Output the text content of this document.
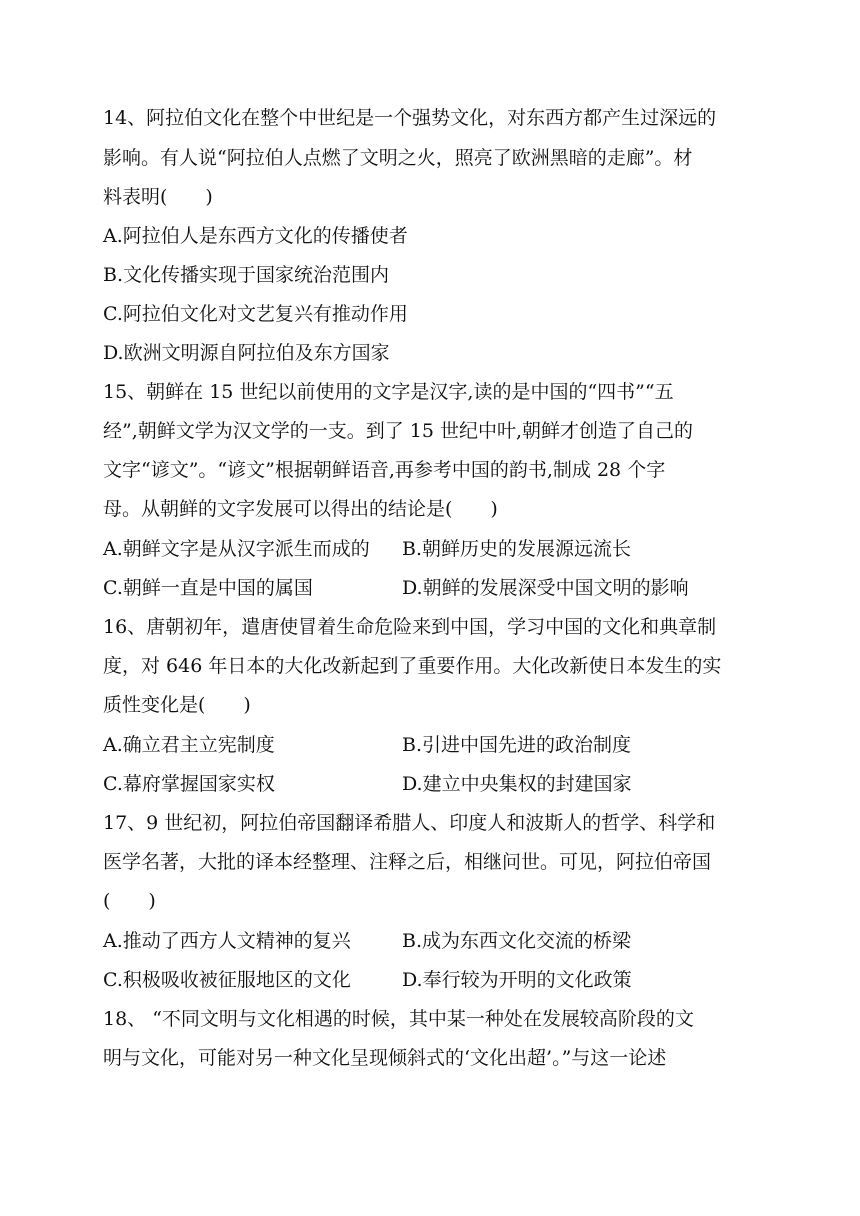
14、阿拉伯文化在整个中世纪是一个强势文化，对东西方都产生过深远的
影响。有人说“阿拉伯人点燃了文明之火，照亮了欧洲黑暗的走廊”。材
料表明(　　)
A.阿拉伯人是东西方文化的传播使者
B.文化传播实现于国家统治范围内
C.阿拉伯文化对文艺复兴有推动作用
D.欧洲文明源自阿拉伯及东方国家
15、朝鲜在 15 世纪以前使用的文字是汉字,读的是中国的“四书”“五
经”,朝鲜文学为汉文学的一支。到了 15 世纪中叶,朝鲜才创造了自己的
文字“谚文”。“谚文”根据朝鲜语音,再参考中国的韵书,制成 28 个字
母。从朝鲜的文字发展可以得出的结论是(　　)
A.朝鲜文字是从汉字派生而成的 B.朝鲜历史的发展源远流长
C.朝鲜一直是中国的属国	D.朝鲜的发展深受中国文明的影响
16、唐朝初年，遣唐使冒着生命危险来到中国，学习中国的文化和典章制
度，对 646 年日本的大化改新起到了重要作用。大化改新使日本发生的实
质性变化是(　　)
A.确立君主立宪制度	B.引进中国先进的政治制度
C.幕府掌握国家实权	D.建立中央集权的封建国家
17、9 世纪初，阿拉伯帝国翻译希腊人、印度人和波斯人的哲学、科学和
医学名著，大批的译本经整理、注释之后，相继问世。可见，阿拉伯帝国
(　　)
A.推动了西方人文精神的复兴	B.成为东西文化交流的桥梁
C.积极吸收被征服地区的文化	D.奉行较为开明的文化政策
18、 “不同文明与文化相遇的时候，其中某一种处在发展较高阶段的文
明与文化，可能对另一种文化呈现倾斜式的‘文化出超’。”与这一论述
